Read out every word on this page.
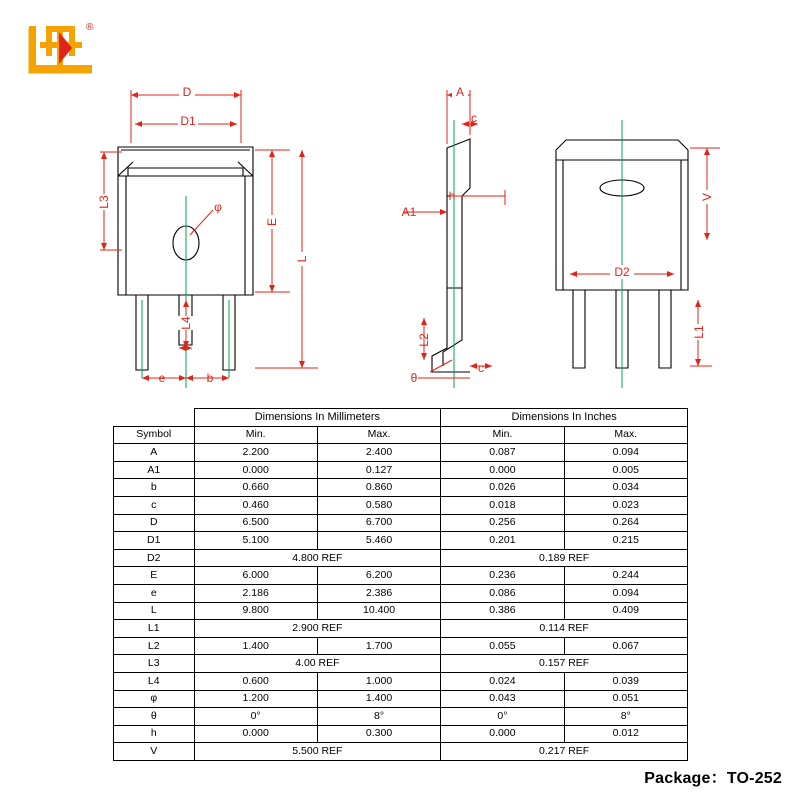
®
D
D1
L3
E
L
φ
L4
e	b
A
c
h
A1
L2
c
θ
V
D2
L1
	Dimensions In Millimeters		Dimensions In Inches	
Symbol	Min.	Max.	Min.	Max.
A	2.200	2.400	0.087	0.094
A1	0.000	0.127	0.000	0.005
b	0.660	0.860	0.026	0.034
c	0.460	0.580	0.018	0.023
D	6.500	6.700	0.256	0.264
D1	5.100	5.460	0.201	0.215
D2	4.800 REF		0.189 REF	
E	6.000	6.200	0.236	0.244
e	2.186	2.386	0.086	0.094
L	9.800	10.400	0.386	0.409
L1	2.900 REF		0.114 REF	
L2	1.400	1.700	0.055	0.067
L3	4.00 REF		0.157 REF	
L4	0.600	1.000	0.024	0.039
φ	1.200	1.400	0.043	0.051
θ	0°	8°	0°	8°
h	0.000	0.300	0.000	0.012
V	5.500 REF		0.217 REF	
Package：TO-252
